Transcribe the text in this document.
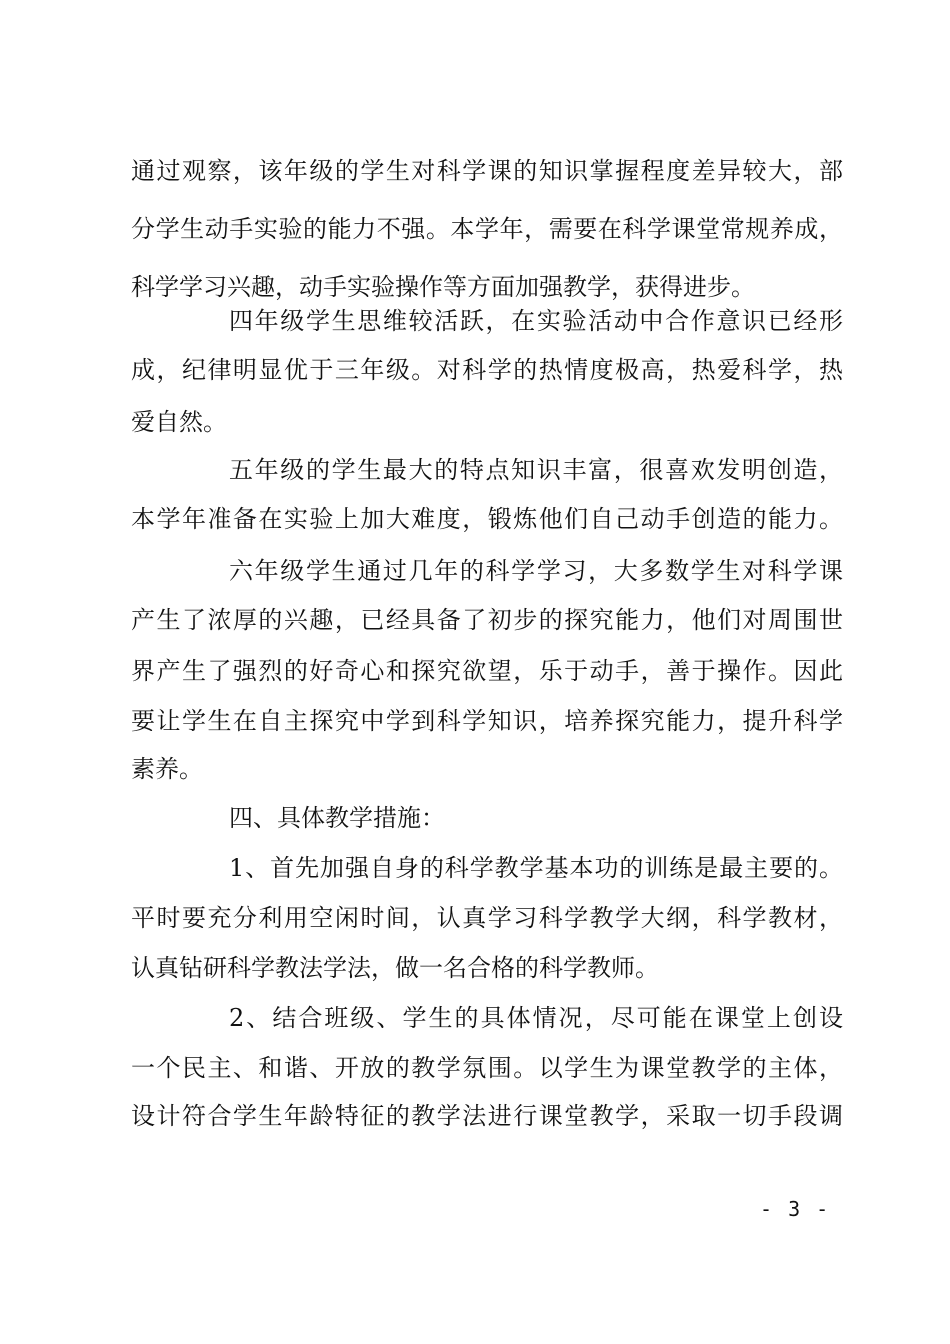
通过观察，该年级的学生对科学课的知识掌握程度差异较大，部
分学生动手实验的能力不强。本学年，需要在科学课堂常规养成，
科学学习兴趣，动手实验操作等方面加强教学，获得进步。
四年级学生思维较活跃，在实验活动中合作意识已经形
成，纪律明显优于三年级。对科学的热情度极高，热爱科学，热
爱自然。
五年级的学生最大的特点知识丰富，很喜欢发明创造，
本学年准备在实验上加大难度，锻炼他们自己动手创造的能力。
六年级学生通过几年的科学学习，大多数学生对科学课
产生了浓厚的兴趣，已经具备了初步的探究能力，他们对周围世
界产生了强烈的好奇心和探究欲望，乐于动手，善于操作。因此
要让学生在自主探究中学到科学知识，培养探究能力，提升科学
素养。
四、具体教学措施：
1、首先加强自身的科学教学基本功的训练是最主要的。
平时要充分利用空闲时间，认真学习科学教学大纲，科学教材，
认真钻研科学教法学法，做一名合格的科学教师。
2、结合班级、学生的具体情况，尽可能在课堂上创设
一个民主、和谐、开放的教学氛围。以学生为课堂教学的主体，
设计符合学生年龄特征的教学法进行课堂教学，采取一切手段调
- 3 -
